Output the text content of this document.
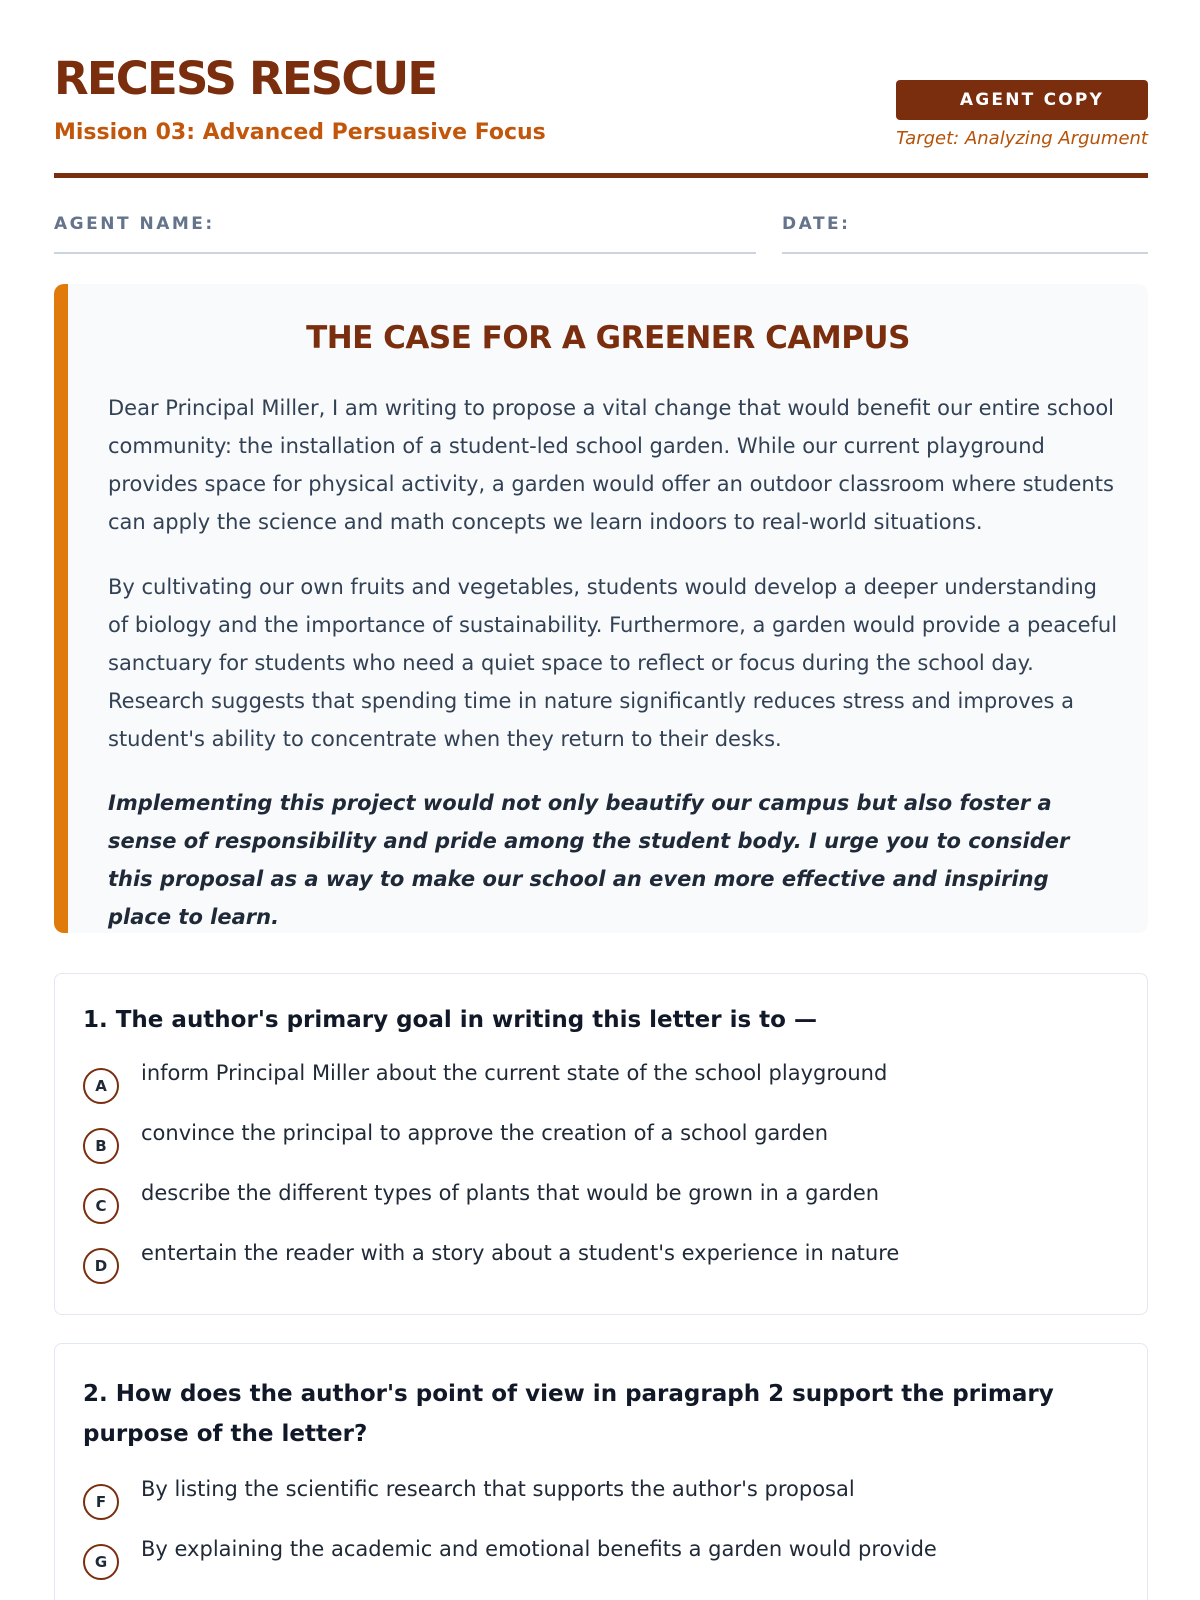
RECESS RESCUE
Mission 03: Advanced Persuasive Focus
AGENT COPY
Target: Analyzing Argument
AGENT NAME:	DATE:
THE CASE FOR A GREENER CAMPUS

Dear Principal Miller, I am writing to propose a vital change that would benefit our entire school community: the installation of a student-led school garden. While our current playground provides space for physical activity, a garden would offer an outdoor classroom where students can apply the science and math concepts we learn indoors to real-world situations.

By cultivating our own fruits and vegetables, students would develop a deeper understanding of biology and the importance of sustainability. Furthermore, a garden would provide a peaceful sanctuary for students who need a quiet space to reflect or focus during the school day. Research suggests that spending time in nature significantly reduces stress and improves a student's ability to concentrate when they return to their desks.

Implementing this project would not only beautify our campus but also foster a sense of responsibility and pride among the student body. I urge you to consider this proposal as a way to make our school an even more effective and inspiring place to learn.

1. The author's primary goal in writing this letter is to —

A
inform Principal Miller about the current state of the school playground
B
convince the principal to approve the creation of a school garden
C
describe the different types of plants that would be grown in a garden
D
entertain the reader with a story about a student's experience in nature

2. How does the author's point of view in paragraph 2 support the primary purpose of the letter?

F
By listing the scientific research that supports the author's proposal
G
By explaining the academic and emotional benefits a garden would provide
